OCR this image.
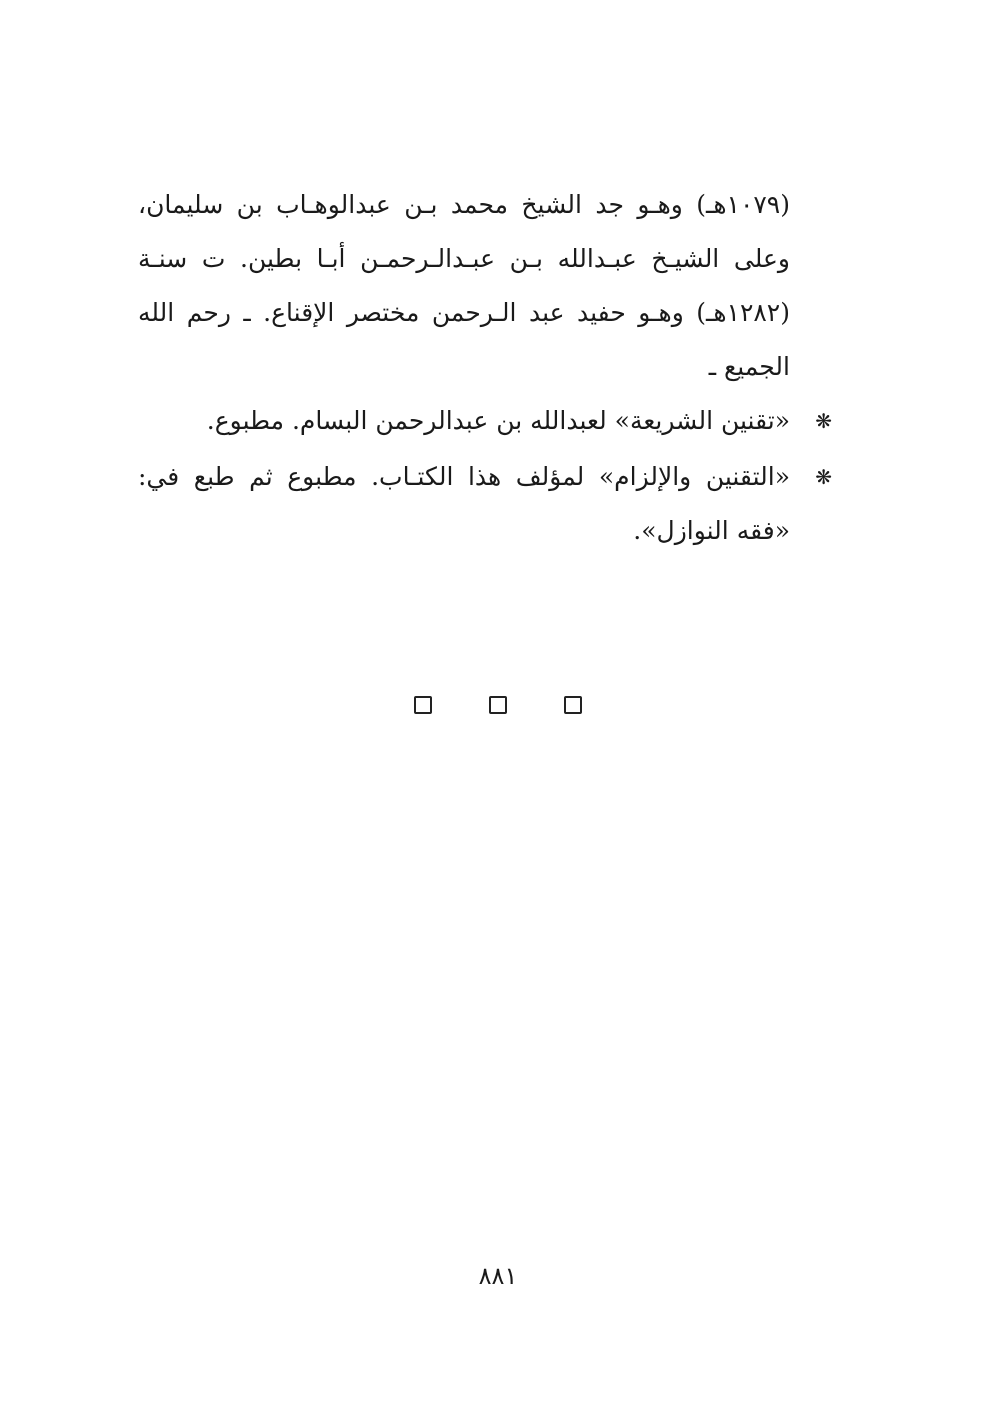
(١٠٧٩هـ) وهـو جد الشيخ محمد بـن عبدالوهـاب بن سليمان، وعلى الشيـخ عبـدالله بـن عبـدالـرحمـن أبـا بطين. ت سنـة (١٢٨٢هـ) وهـو حفيد عبد الـرحمن مختصر الإقناع. ـ رحم الله الجميع ـ

❋
«تقنين الشريعة» لعبدالله بن عبدالرحمن البسام. مطبوع.
❋
«التقنين والإلزام» لمؤلف هذا الكتـاب. مطبوع ثم طبع في: «فقه النوازل».

٨٨١
